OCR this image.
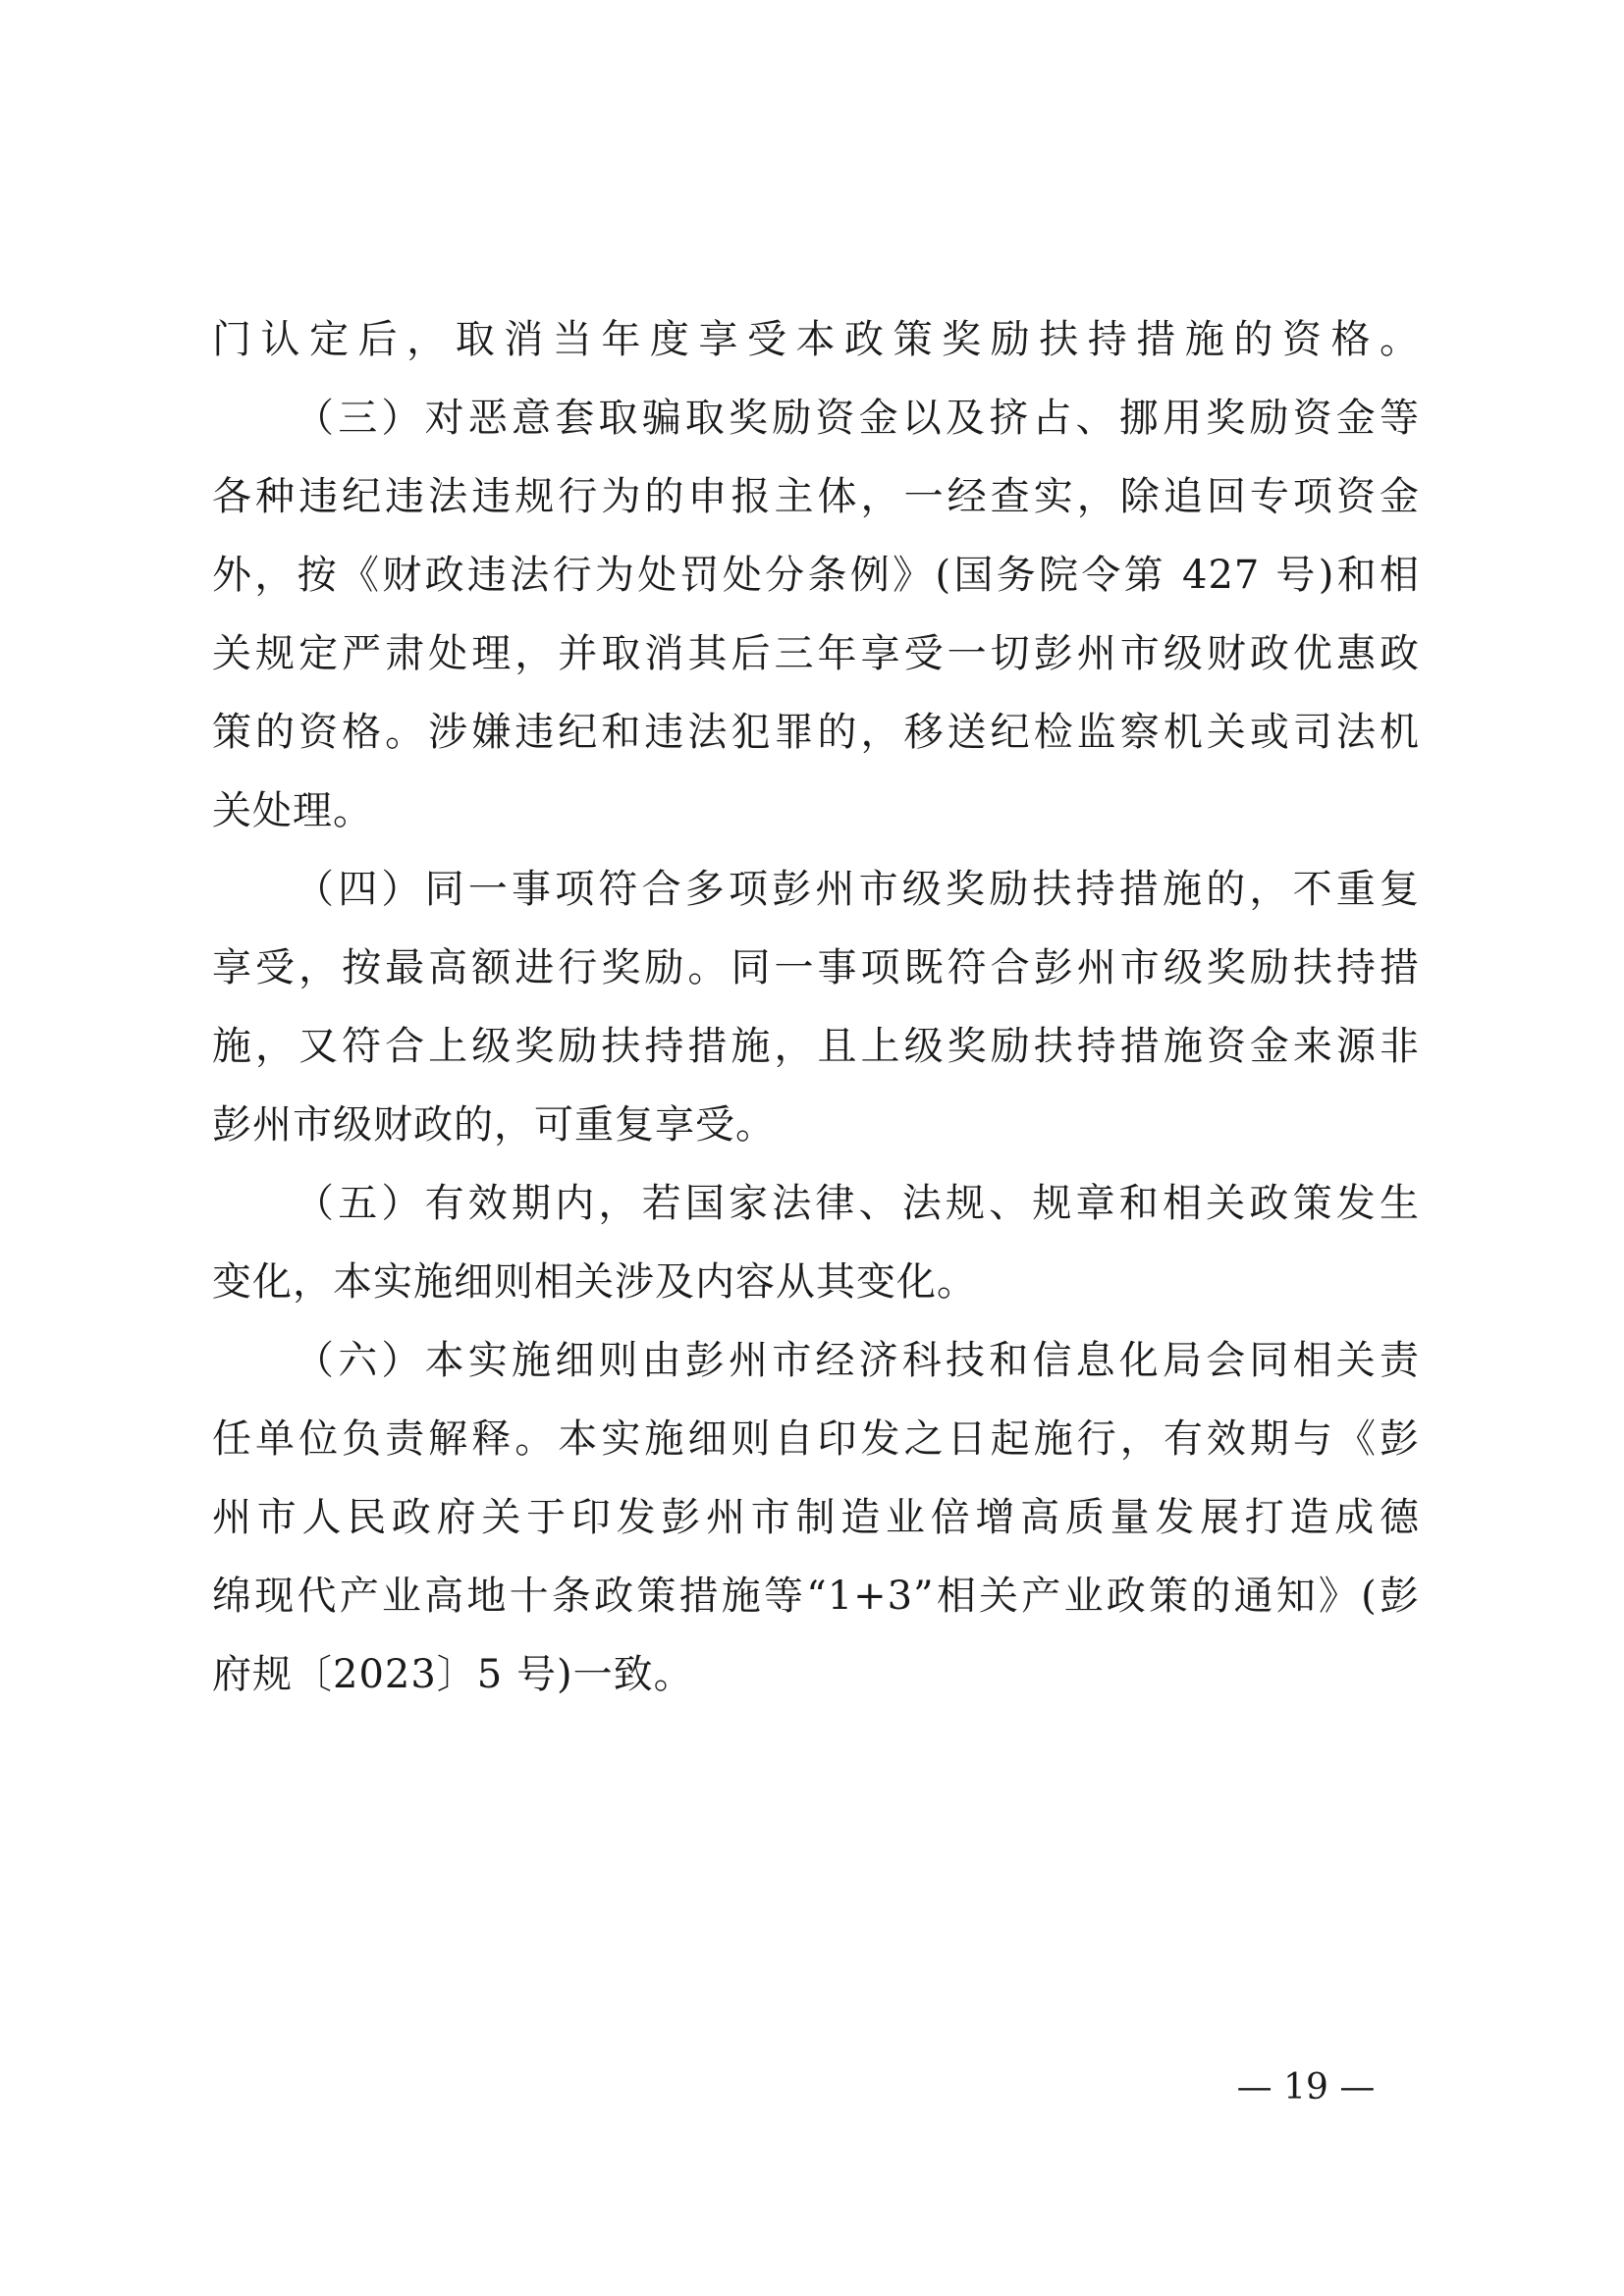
门认定后，取消当年度享受本政策奖励扶持措施的资格。
（三）对恶意套取骗取奖励资金以及挤占、挪用奖励资金等
各种违纪违法违规行为的申报主体，一经查实，除追回专项资金
外，按《财政违法行为处罚处分条例》(国务院令第 427 号)和相
关规定严肃处理，并取消其后三年享受一切彭州市级财政优惠政
策的资格。涉嫌违纪和违法犯罪的，移送纪检监察机关或司法机
关处理。
（四）同一事项符合多项彭州市级奖励扶持措施的，不重复
享受，按最高额进行奖励。同一事项既符合彭州市级奖励扶持措
施，又符合上级奖励扶持措施，且上级奖励扶持措施资金来源非
彭州市级财政的，可重复享受。
（五）有效期内，若国家法律、法规、规章和相关政策发生
变化，本实施细则相关涉及内容从其变化。
（六）本实施细则由彭州市经济科技和信息化局会同相关责
任单位负责解释。本实施细则自印发之日起施行，有效期与《彭
州市人民政府关于印发彭州市制造业倍增高质量发展打造成德
绵现代产业高地十条政策措施等“1+3”相关产业政策的通知》(彭
府规〔2023〕5 号)一致。
— 19 —
